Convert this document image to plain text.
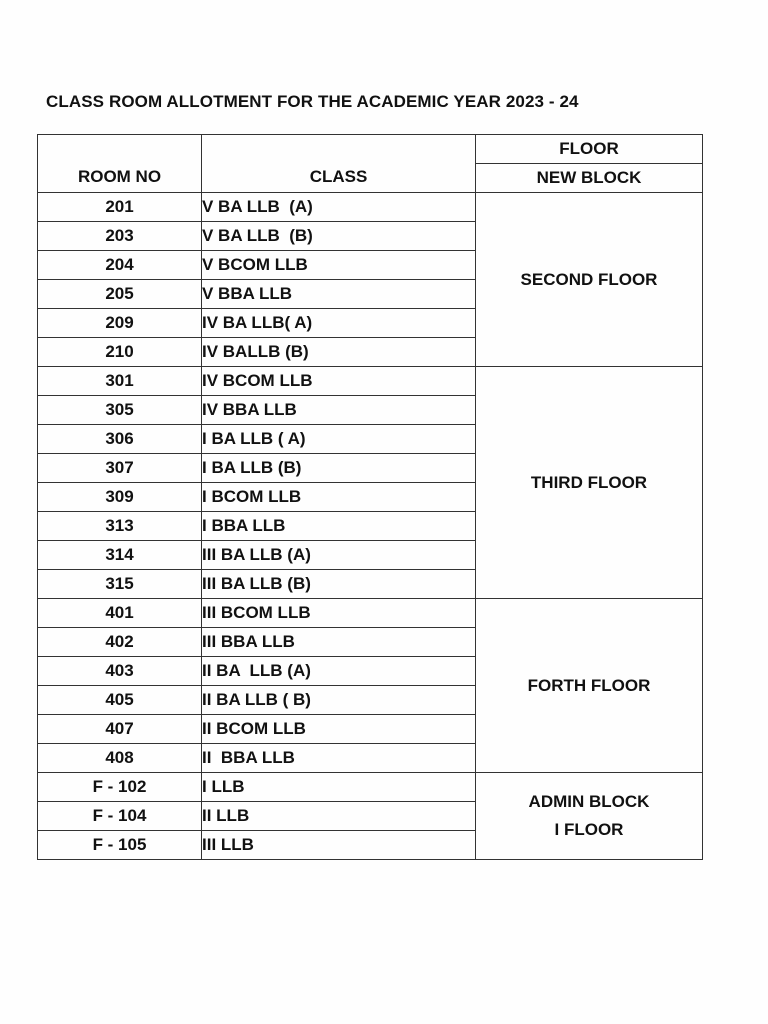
CLASS ROOM ALLOTMENT FOR THE ACADEMIC YEAR 2023 - 24
ROOM NO	CLASS	FLOOR
		NEW BLOCK
201	V BA LLB  (A)	SECOND FLOOR

203	V BA LLB  (B)	
204	V BCOM LLB	
205	V BBA LLB	
209	IV BA LLB( A)	
210	IV BALLB (B)	
301	IV BCOM LLB	THIRD FLOOR

305	IV BBA LLB	
306	I BA LLB ( A)	
307	I BA LLB (B)	
309	I BCOM LLB	
313	I BBA LLB	
314	III BA LLB (A)	
315	III BA LLB (B)	
401	III BCOM LLB	FORTH FLOOR

402	III BBA LLB	
403	II BA  LLB (A)	
405	II BA LLB ( B)	
407	II BCOM LLB	
408	II  BBA LLB	
F - 102	I LLB	ADMIN BLOCK
I FLOOR

F - 104	II LLB	
F - 105	III LLB	
